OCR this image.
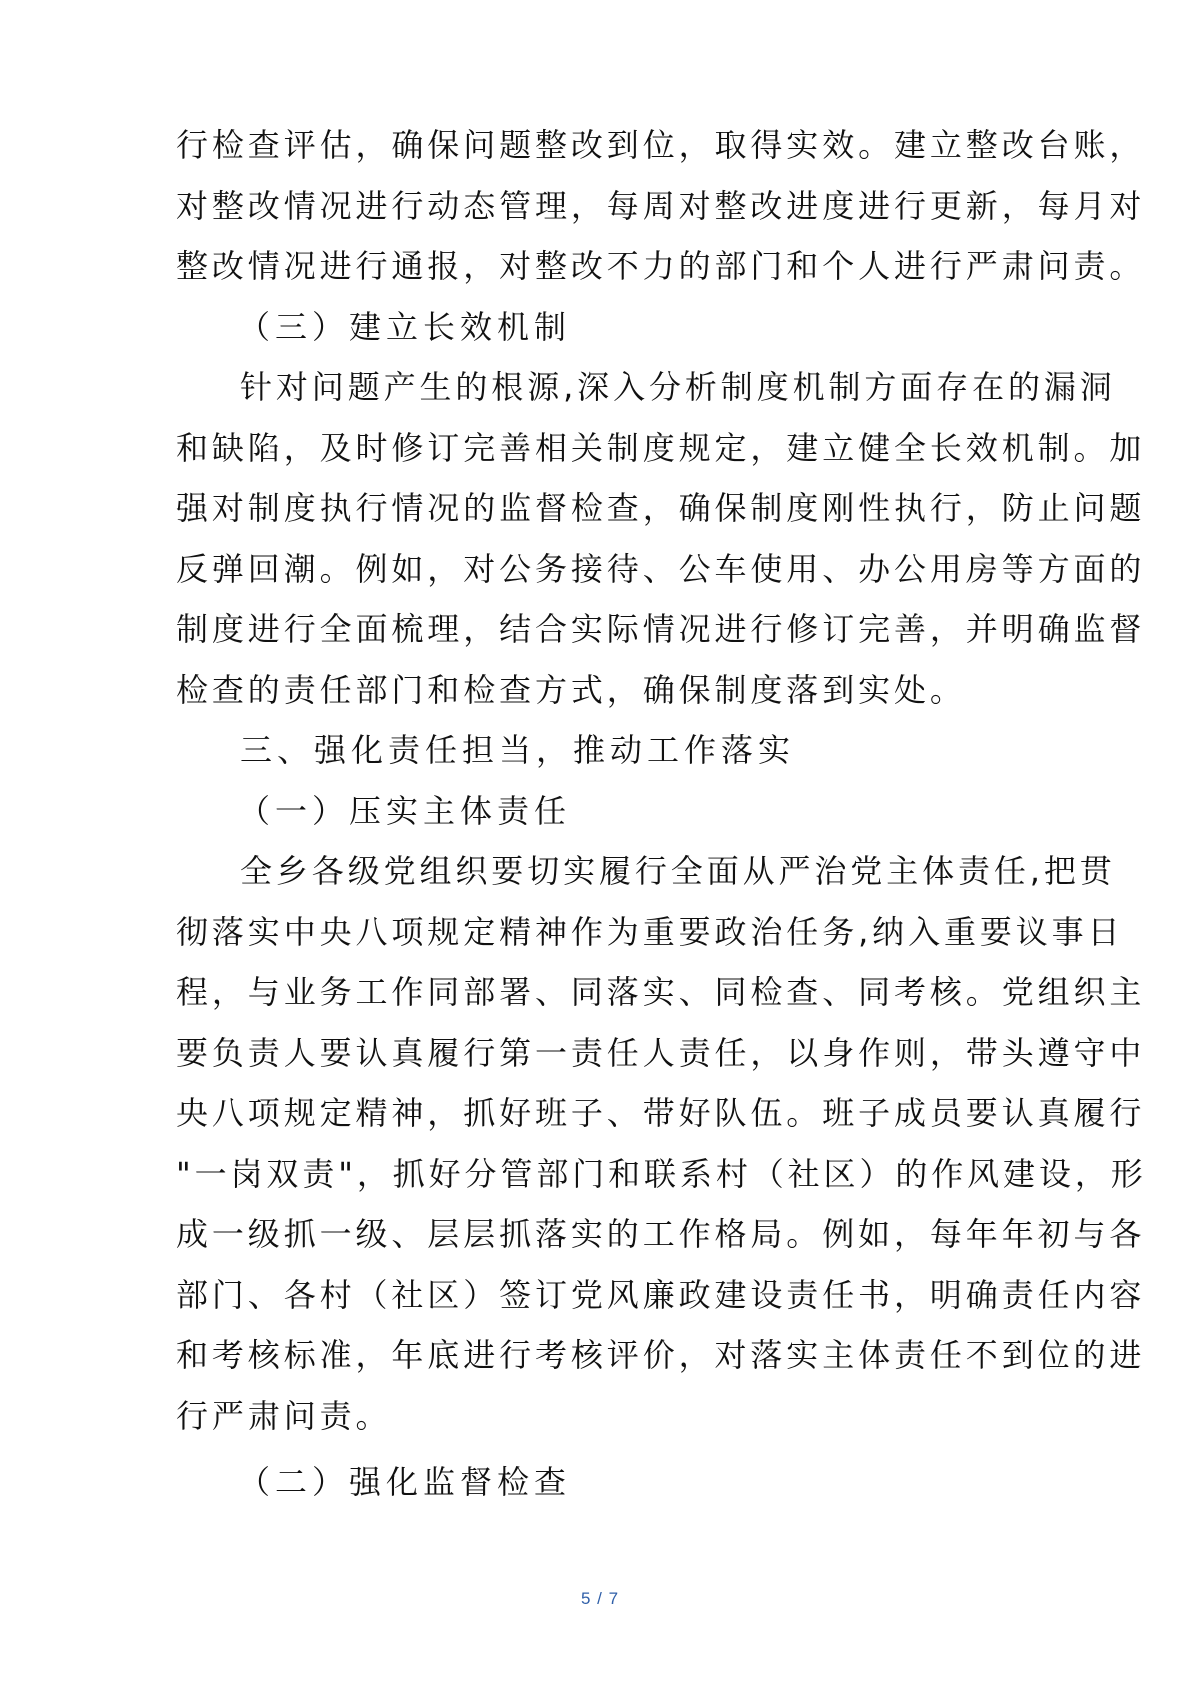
行检查评估，确保问题整改到位，取得实效。建立整改台账，
对整改情况进行动态管理，每周对整改进度进行更新，每月对
整改情况进行通报，对整改不力的部门和个人进行严肃问责。
（三）建立长效机制
针对问题产生的根源,深入分析制度机制方面存在的漏洞
和缺陷，及时修订完善相关制度规定，建立健全长效机制。加
强对制度执行情况的监督检查，确保制度刚性执行，防止问题
反弹回潮。例如，对公务接待、公车使用、办公用房等方面的
制度进行全面梳理，结合实际情况进行修订完善，并明确监督
检查的责任部门和检查方式，确保制度落到实处。
三、强化责任担当，推动工作落实
（一）压实主体责任
全乡各级党组织要切实履行全面从严治党主体责任,把贯
彻落实中央八项规定精神作为重要政治任务,纳入重要议事日
程，与业务工作同部署、同落实、同检查、同考核。党组织主
要负责人要认真履行第一责任人责任，以身作则，带头遵守中
央八项规定精神，抓好班子、带好队伍。班子成员要认真履行
"一岗双责"，抓好分管部门和联系村（社区）的作风建设，形
成一级抓一级、层层抓落实的工作格局。例如，每年年初与各
部门、各村（社区）签订党风廉政建设责任书，明确责任内容
和考核标准，年底进行考核评价，对落实主体责任不到位的进
行严肃问责。
（二）强化监督检查
5 / 7
